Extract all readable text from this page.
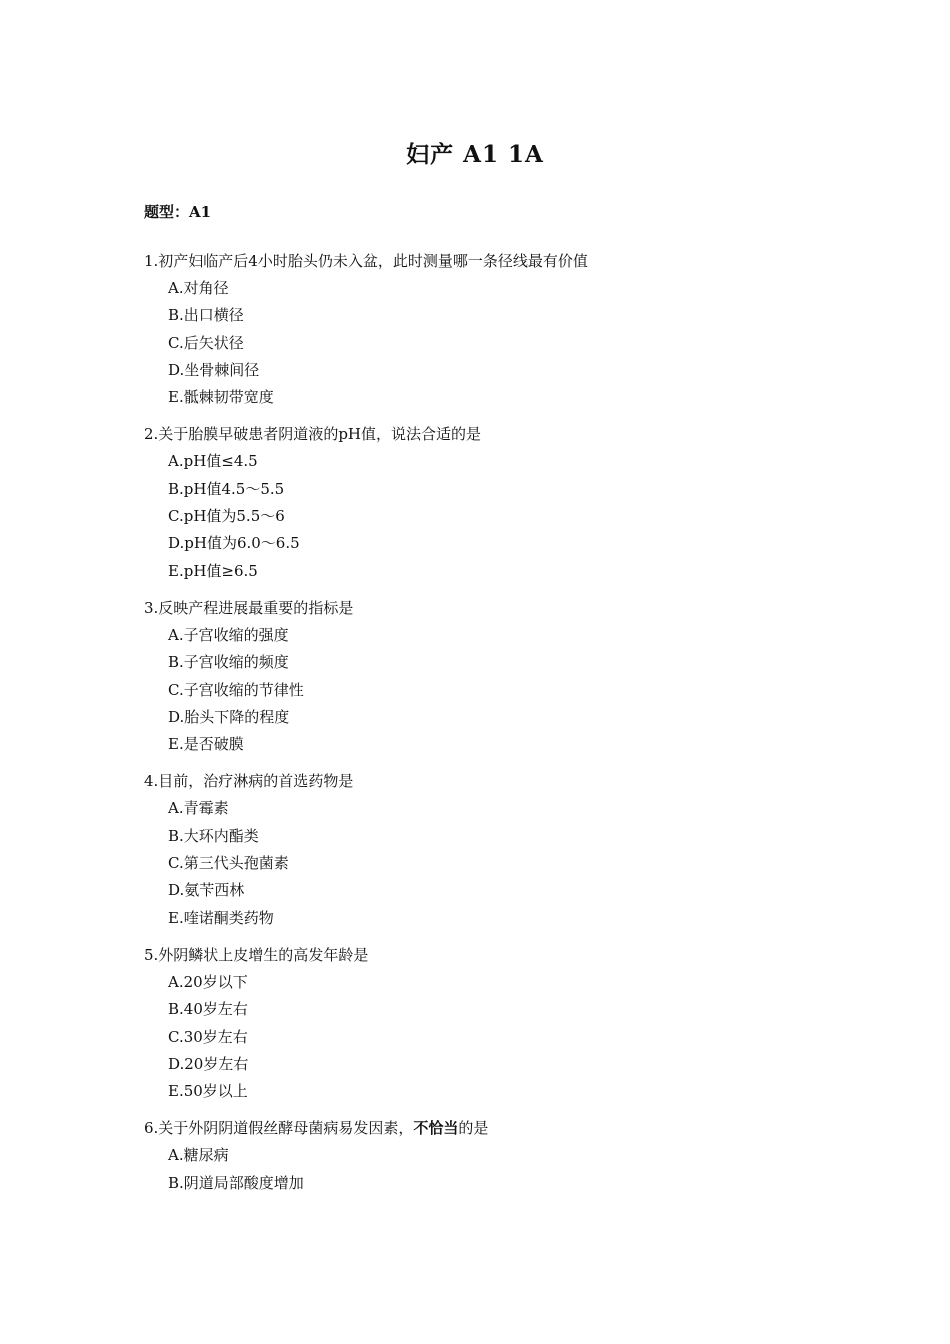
妇产 A1 1A
题型：A1
1.初产妇临产后4小时胎头仍未入盆，此时测量哪一条径线最有价值
A.对角径
B.出口横径
C.后矢状径
D.坐骨棘间径
E.骶棘韧带宽度
2.关于胎膜早破患者阴道液的pH值，说法合适的是
A.pH值≤4.5
B.pH值4.5～5.5
C.pH值为5.5～6
D.pH值为6.0～6.5
E.pH值≥6.5
3.反映产程进展最重要的指标是
A.子宫收缩的强度
B.子宫收缩的频度
C.子宫收缩的节律性
D.胎头下降的程度
E.是否破膜
4.目前，治疗淋病的首选药物是
A.青霉素
B.大环内酯类
C.第三代头孢菌素
D.氨苄西林
E.喹诺酮类药物
5.外阴鳞状上皮增生的高发年龄是
A.20岁以下
B.40岁左右
C.30岁左右
D.20岁左右
E.50岁以上
6.关于外阴阴道假丝酵母菌病易发因素，不恰当的是
A.糖尿病
B.阴道局部酸度增加
